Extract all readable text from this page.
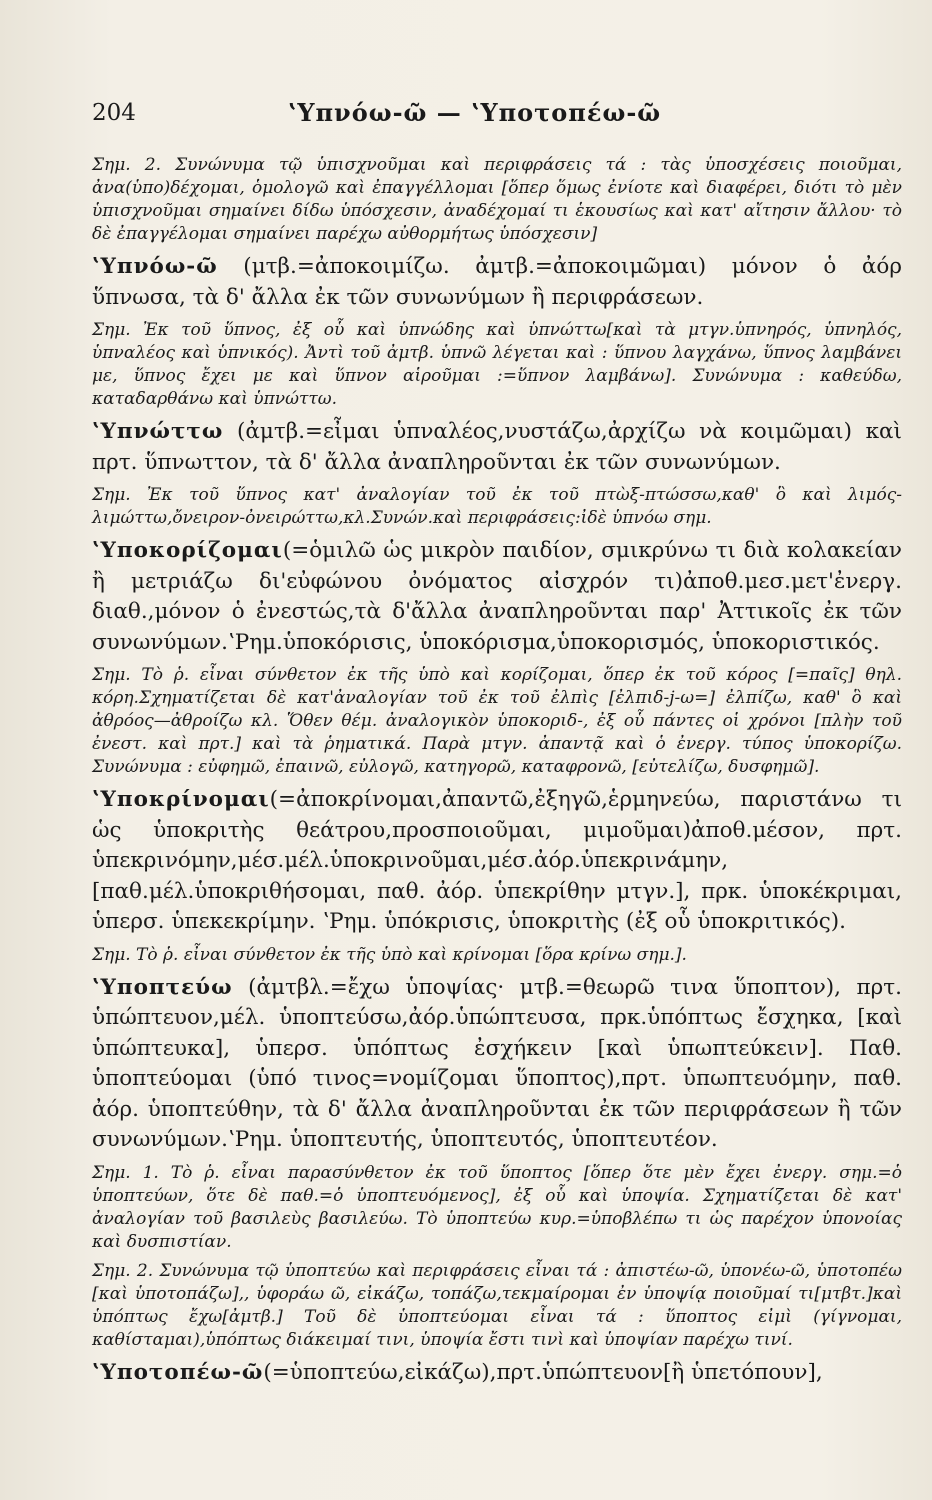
204	ʽΥπνόω-ῶ — ʽΥποτοπέω-ῶ

Σημ. 2. Συνώνυμα τῷ ὑπισχνοῦμαι καὶ περιφράσεις τά : τὰς ὑποσχέσεις ποιοῦμαι, ἀνα(ὑπο)δέχομαι, ὁμολογῶ καὶ ἐπαγγέλλομαι [ὅπερ ὅμως ἐνίοτε καὶ διαφέρει, διότι τὸ μὲν ὑπισχνοῦμαι σημαίνει δίδω ὑπόσχεσιν, ἀναδέχομαί τι ἑκουσίως καὶ κατ' αἴτησιν ἄλλου· τὸ δὲ ἐπαγγέλομαι σημαίνει παρέχω αὐθορμήτως ὑπόσχεσιν]

ʽΥπνόω-ῶ (μτβ.=ἀποκοιμίζω. ἀμτβ.=ἀποκοιμῶμαι) μόνον ὁ ἀόρ ὕπνωσα, τὰ δ' ἄλλα ἐκ τῶν συνωνύμων ἢ περιφράσεων.

Σημ. Ἐκ τοῦ ὕπνος, ἐξ οὗ καὶ ὑπνώδης καὶ ὑπνώττω[καὶ τὰ μτγν.ὑπνηρός, ὑπνηλός, ὑπναλέος καὶ ὑπνικός). Ἀντὶ τοῦ ἀμτβ. ὑπνῶ λέγεται καὶ : ὕπνου λαγχάνω, ὕπνος λαμβάνει με, ὕπνος ἔχει με καὶ ὕπνον αἱροῦμαι :=ὕπνον λαμβάνω]. Συνώνυμα : καθεύδω, καταδαρθάνω καὶ ὑπνώττω.

ʽΥπνώττω (ἀμτβ.=εἶμαι ὑπναλέος,νυστάζω,ἀρχίζω νὰ κοιμῶμαι) καὶ πρτ. ὕπνωττον, τὰ δ' ἄλλα ἀναπληροῦνται ἐκ τῶν συνωνύμων.

Σημ. Ἐκ τοῦ ὕπνος κατ' ἀναλογίαν τοῦ ἐκ τοῦ πτὼξ-πτώσσω,καθ' ὃ καὶ λιμός-λιμώττω,ὄνειρον-ὀνειρώττω,κλ.Συνών.καὶ περιφράσεις:ἰδὲ ὑπνόω σημ.

ʽΥποκορίζομαι(=ὁμιλῶ ὡς μικρὸν παιδίον, σμικρύνω τι διὰ κολακείαν ἢ μετριάζω δι'εὐφώνου ὀνόματος αἰσχρόν τι)ἀποθ.μεσ.μετ'ἐνεργ. διαθ.,μόνον ὁ ἐνεστώς,τὰ δ'ἄλλα ἀναπληροῦνται παρ' Ἀττικοῖς ἐκ τῶν συνωνύμων.ʽΡημ.ὑποκόρισις, ὑποκόρισμα,ὑποκορισμός, ὑποκοριστικός.

Σημ. Τὸ ῥ. εἶναι σύνθετον ἐκ τῆς ὑπὸ καὶ κορίζομαι, ὅπερ ἐκ τοῦ κόρος [=παῖς] θηλ. κόρη.Σχηματίζεται δὲ κατ'ἀναλογίαν τοῦ ἐκ τοῦ ἐλπὶς [ἐλπιδ-j-ω=] ἐλπίζω, καθ' ὃ καὶ ἀθρόος—ἀθροίζω κλ. Ὅθεν θέμ. ἀναλογικὸν ὑποκοριδ-, ἐξ οὗ πάντες οἱ χρόνοι [πλὴν τοῦ ἐνεστ. καὶ πρτ.] καὶ τὰ ῥηματικά. Παρὰ μτγν. ἀπαντᾷ καὶ ὁ ἐνεργ. τύπος ὑποκορίζω. Συνώνυμα : εὐφημῶ, ἐπαινῶ, εὐλογῶ, κατηγορῶ, καταφρονῶ, [εὐτελίζω, δυσφημῶ].

ʽΥποκρίνομαι(=ἀποκρίνομαι,ἀπαντῶ,ἐξηγῶ,ἑρμηνεύω, παριστάνω τι ὡς ὑποκριτὴς θεάτρου,προσποιοῦμαι, μιμοῦμαι)ἀποθ.μέσον, πρτ. ὑπεκρινόμην,μέσ.μέλ.ὑποκρινοῦμαι,μέσ.ἀόρ.ὑπεκρινάμην,[παθ.μέλ.ὑποκριθήσομαι, παθ. ἀόρ. ὑπεκρίθην μτγν.], πρκ. ὑποκέκριμαι, ὑπερσ. ὑπεκεκρίμην. ʽΡημ. ὑπόκρισις, ὑποκριτὴς (ἐξ οὗ ὑποκριτικός).

Σημ. Τὸ ῥ. εἶναι σύνθετον ἐκ τῆς ὑπὸ καὶ κρίνομαι [ὅρα κρίνω σημ.].

ʽΥποπτεύω (ἀμτβλ.=ἔχω ὑποψίας· μτβ.=θεωρῶ τινα ὕποπτον), πρτ. ὑπώπτευον,μέλ. ὑποπτεύσω,ἀόρ.ὑπώπτευσα, πρκ.ὑπόπτως ἔσχηκα, [καὶ ὑπώπτευκα], ὑπερσ. ὑπόπτως ἐσχήκειν [καὶ ὑπωπτεύκειν]. Παθ. ὑποπτεύομαι (ὑπό τινος=νομίζομαι ὕποπτος),πρτ. ὑπωπτευόμην, παθ. ἀόρ. ὑποπτεύθην, τὰ δ' ἄλλα ἀναπληροῦνται ἐκ τῶν περιφράσεων ἢ τῶν συνωνύμων.ʽΡημ. ὑποπτευτής, ὑποπτευτός, ὑποπτευτέον.

Σημ. 1. Τὸ ῥ. εἶναι παρασύνθετον ἐκ τοῦ ὕποπτος [ὅπερ ὅτε μὲν ἔχει ἐνεργ. σημ.=ὁ ὑποπτεύων, ὅτε δὲ παθ.=ὁ ὑποπτευόμενος], ἐξ οὗ καὶ ὑποψία. Σχηματίζεται δὲ κατ' ἀναλογίαν τοῦ βασιλεὺς βασιλεύω. Τὸ ὑποπτεύω κυρ.=ὑποβλέπω τι ὡς παρέχον ὑπονοίας καὶ δυσπιστίαν.

Σημ. 2. Συνώνυμα τῷ ὑποπτεύω καὶ περιφράσεις εἶναι τά : ἀπιστέω-ῶ, ὑπονέω-ῶ, ὑποτοπέω [καὶ ὑποτοπάζω],, ὑφοράω ῶ, εἰκάζω, τοπάζω,τεκμαίρομαι ἐν ὑποψίᾳ ποιοῦμαί τι[μτβτ.]καὶ ὑπόπτως ἔχω[ἀμτβ.] Τοῦ δὲ ὑποπτεύομαι εἶναι τά : ὕποπτος εἰμὶ (γίγνομαι, καθίσταμαι),ὑπόπτως διάκειμαί τινι, ὑποψία ἔστι τινὶ καὶ ὑποψίαν παρέχω τινί.

ʽΥποτοπέω-ῶ(=ὑποπτεύω,εἰκάζω),πρτ.ὑπώπτευον[ἢ ὑπετόπουν],
